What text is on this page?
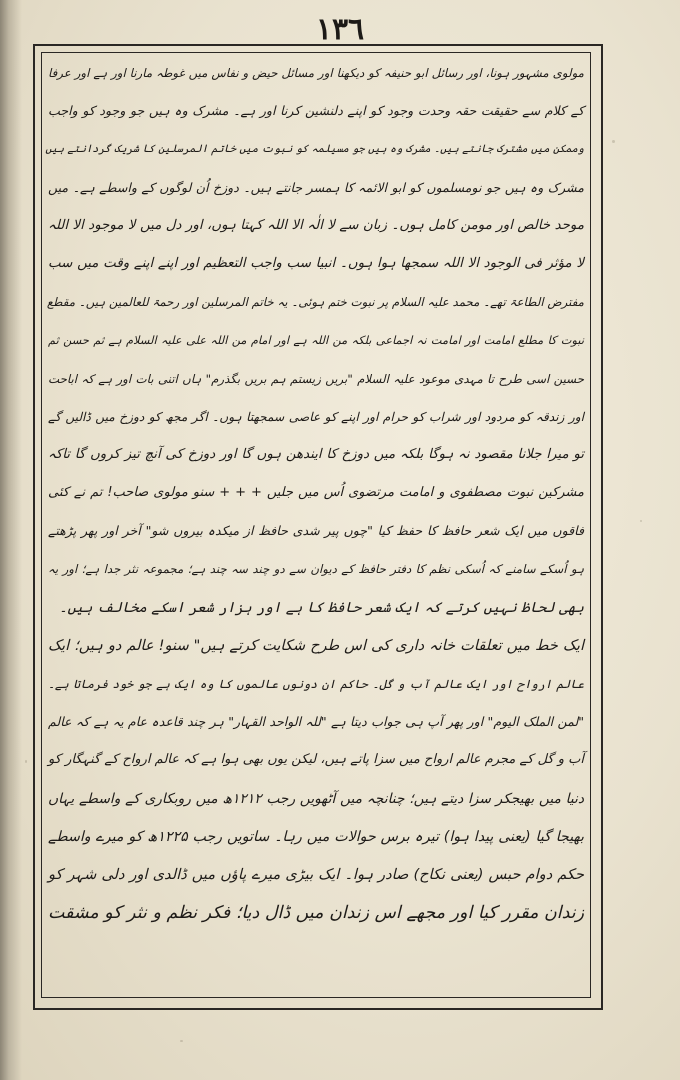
١٣٦
مولوی مشہور ہونا، اور رسائل ابو حنیفہ کو دیکھنا اور مسائل حیض و نفاس میں غوطہ مارنا اور ہے اور عرفا
کے کلام سے حقیقت حقہ وحدت وجود کو اپنے دلنشین کرنا اور ہے۔ مشرک وہ ہیں جو وجود کو واجب
وممکن میں مشترک جانتے ہیں۔ مشرک وہ ہیں جو مسیلمہ کو نبوت میں خاتم المرسلین کا شریک گردانتے ہیں
مشرک وہ ہیں جو نومسلموں کو ابو الائمہ کا ہمسر جانتے ہیں۔ دوزخ اُن لوگوں کے واسطے ہے۔ میں
موحد خالص اور مومن کامل ہوں۔ زبان سے لا الٰہ الا اللہ کہتا ہوں، اور دل میں لا موجود الا اللہ
لا مؤثر فی الوجود الا اللہ سمجھا ہوا ہوں۔ انبیا سب واجب التعظیم اور اپنے اپنے وقت میں سب
مفترض الطاعۃ تھے۔ محمد علیہ السلام پر نبوت ختم ہوئی۔ یہ خاتم المرسلین اور رحمۃ للعالمین ہیں۔ مقطع
نبوت کا مطلع امامت اور امامت نہ اجماعی بلکہ من اللہ ہے اور امام من اللہ علی علیہ السلام ہے ثم حسن ثم
حسین اسی طرح تا مہدی موعود علیہ السلام "بریں زیستم ہم بریں بگذرم" ہاں اتنی بات اور ہے کہ اباحت
اور زندقہ کو مردود اور شراب کو حرام اور اپنے کو عاصی سمجھتا ہوں۔ اگر مجھ کو دوزخ میں ڈالیں گے
تو میرا جلانا مقصود نہ ہوگا بلکہ میں دوزخ کا ایندھن ہوں گا اور دوزخ کی آنچ تیز کروں گا تاکہ
مشرکین نبوت مصطفوی و امامت مرتضوی اُس میں جلیں + + + سنو مولوی صاحب! تم نے کئی
فاقوں میں ایک شعر حافظ کا حفظ کیا "چوں پیر شدی حافظ از میکدہ بیروں شو" آخر اور پھر پڑھتے
ہو اُسکے سامنے کہ اُسکی نظم کا دفتر حافظ کے دیوان سے دو چند سہ چند ہے؛ مجموعہ نثر جدا ہے؛ اور یہ
بھی لحاظ نہیں کرتے کہ ایک شعر حافظ کا ہے اور ہزار شعر اسکے مخالف ہیں۔
ایک خط میں تعلقات خانہ داری کی اس طرح شکایت کرتے ہیں" سنو! عالم دو ہیں؛ ایک
عالم ارواح اور ایک عالم آب و گل۔ حاکم ان دونوں عالموں کا وہ ایک ہے جو خود فرماتا ہے۔
"لمن الملک الیوم" اور پھر آپ ہی جواب دیتا ہے "للہ الواحد القہار" ہر چند قاعدہ عام یہ ہے کہ عالم
آب و گل کے مجرم عالم ارواح میں سزا پاتے ہیں، لیکن یوں بھی ہوا ہے کہ عالم ارواح کے گنہگار کو
دنیا میں بھیجکر سزا دیتے ہیں؛ چنانچہ میں آٹھویں رجب ۱۲۱۲ھ میں روبکاری کے واسطے یہاں
بھیجا گیا (یعنی پیدا ہوا) تیرہ برس حوالات میں رہا۔ ساتویں رجب ۱۲۲۵ھ کو میرے واسطے
حکم دوام حبس (یعنی نکاح) صادر ہوا۔ ایک بیڑی میرے پاؤں میں ڈالدی اور دلی شہر کو
زندان مقرر کیا اور مجھے اس زندان میں ڈال دیا؛ فکر نظم و نثر کو مشقت
